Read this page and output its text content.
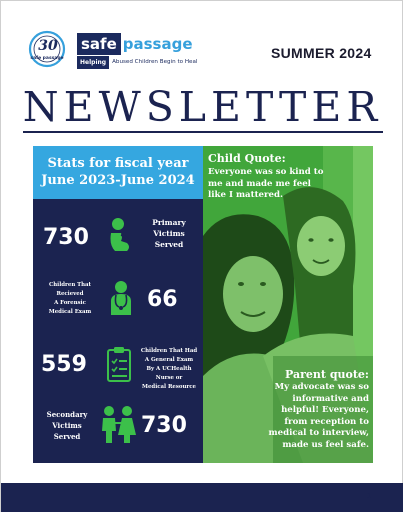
30
safe passage
safe passage
Helping	Abused Children Begin to Heal
SUMMER 2024
NEWSLETTER
Stats for fiscal year
June 2023-June 2024
730
Primary
Victims
Served
Children That
Recieved
A Forensic
Medical Exam	66
559
Children That Had
A General Exam
By A UCHealth
Nurse or
Medical Resource
Secondary
Victims
Served	730
Child Quote:
Everyone was so kind to
me and made me feel
like I mattered.
Parent quote:
My advocate was so
informative and
helpful! Everyone,
from reception to
medical to interview,
made us feel safe.
1
